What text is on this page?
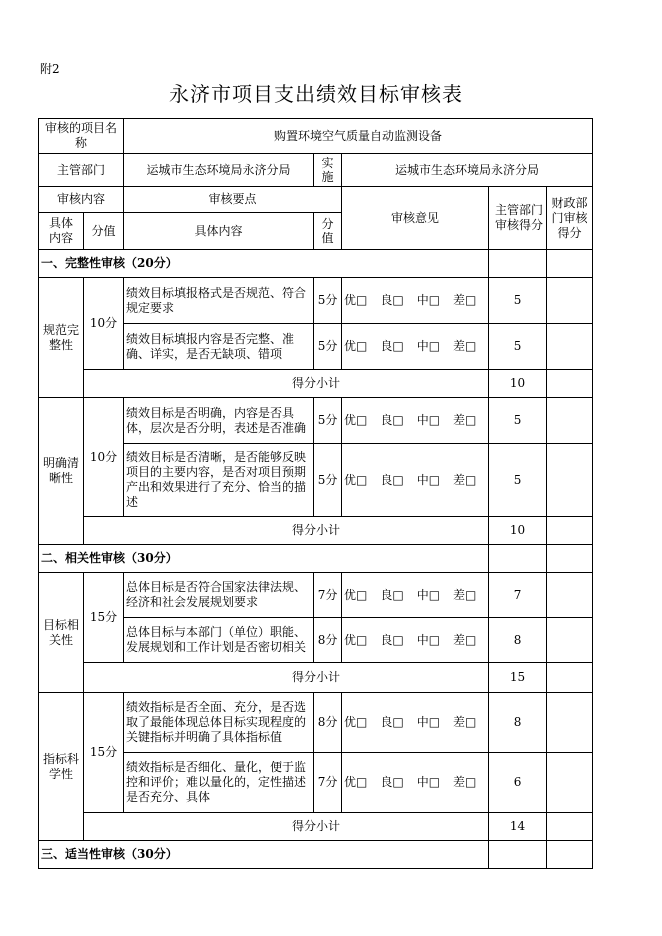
附2
永济市项目支出绩效目标审核表
审核的项目名称		购置环境空气质量自动监测设备				
主管部门		运城市生态环境局永济分局	实施	运城市生态环境局永济分局		
审核内容		审核要点		审核意见	主管部门审核得分	财政部门审核得分

具体内容	分值	具体内容	分值			

一、完整性审核（20分）						

规范完整性	10分	绩效目标填报格式是否规范、符合规定要求	5分	优□ 良□ 中□ 差□	5	

		绩效目标填报内容是否完整、准确、详实，是否无缺项、错项	5分	优□ 良□ 中□ 差□	5	
	得分小计				10	

明确清晰性	10分	绩效目标是否明确，内容是否具体，层次是否分明，表述是否准确	5分	优□ 良□ 中□ 差□	5	

		绩效目标是否清晰，是否能够反映项目的主要内容，是否对项目预期产出和效果进行了充分、恰当的描述	5分	优□ 良□ 中□ 差□	5	
	得分小计				10	
二、相关性审核（30分）						

目标相关性	15分	总体目标是否符合国家法律法规、经济和社会发展规划要求	7分	优□ 良□ 中□ 差□	7	

		总体目标与本部门（单位）职能、发展规划和工作计划是否密切相关	8分	优□ 良□ 中□ 差□	8	
	得分小计				15	

指标科学性	15分	绩效指标是否全面、充分，是否选取了最能体现总体目标实现程度的关键指标并明确了具体指标值	8分	优□ 良□ 中□ 差□	8	

		绩效指标是否细化、量化，便于监控和评价；难以量化的，定性描述是否充分、具体	7分	优□ 良□ 中□ 差□	6	
	得分小计				14	
三、适当性审核（30分）						
